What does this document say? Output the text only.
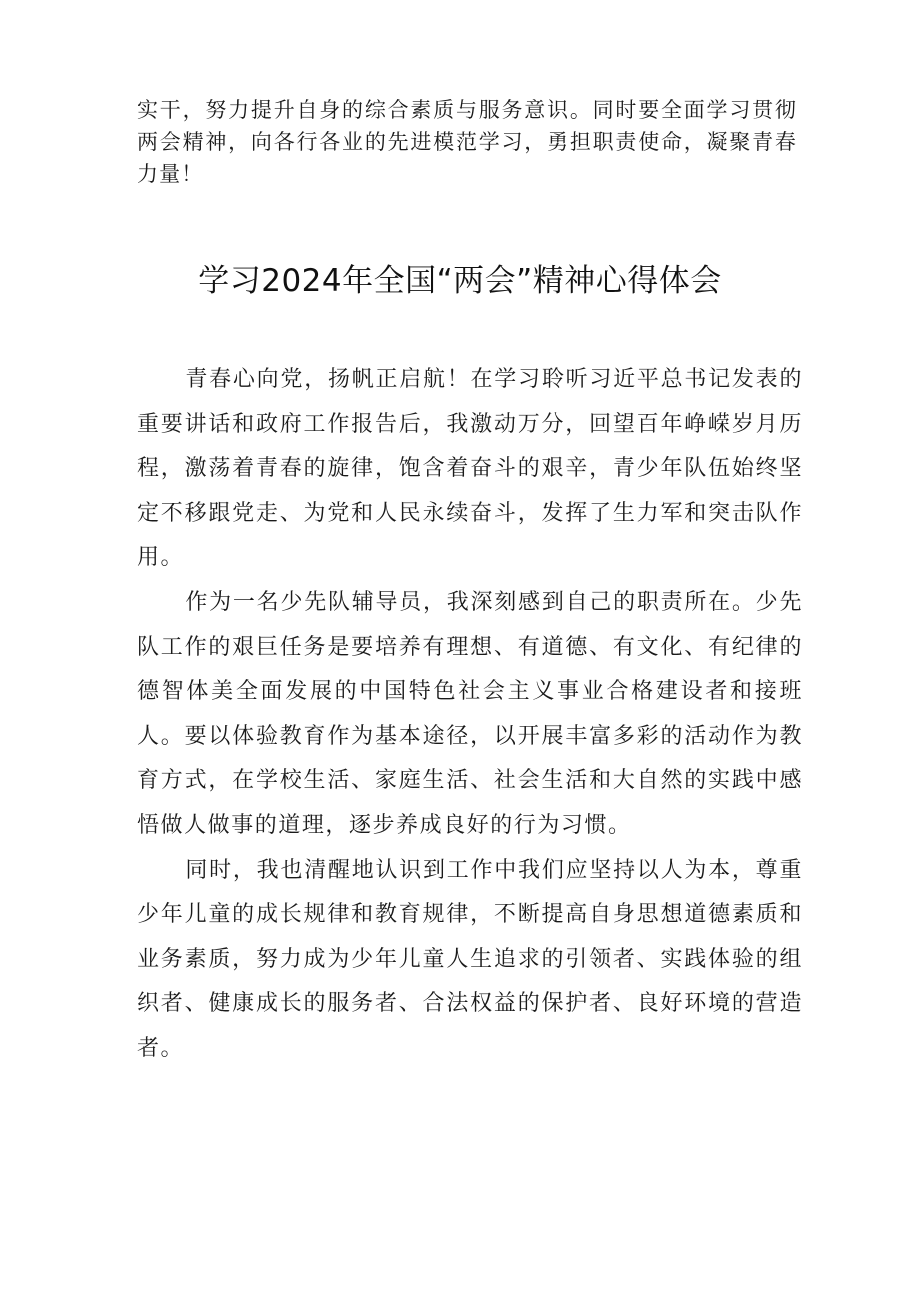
实干，努力提升自身的综合素质与服务意识。同时要全面学习贯彻两会精神，向各行各业的先进模范学习，勇担职责使命，凝聚青春力量！

学习2024年全国“两会”精神心得体会

青春心向党，扬帆正启航！在学习聆听习近平总书记发表的重要讲话和政府工作报告后，我激动万分，回望百年峥嵘岁月历程，激荡着青春的旋律，饱含着奋斗的艰辛，青少年队伍始终坚定不移跟党走、为党和人民永续奋斗，发挥了生力军和突击队作用。

作为一名少先队辅导员，我深刻感到自己的职责所在。少先队工作的艰巨任务是要培养有理想、有道德、有文化、有纪律的德智体美全面发展的中国特色社会主义事业合格建设者和接班人。要以体验教育作为基本途径，以开展丰富多彩的活动作为教育方式，在学校生活、家庭生活、社会生活和大自然的实践中感悟做人做事的道理，逐步养成良好的行为习惯。

同时，我也清醒地认识到工作中我们应坚持以人为本，尊重少年儿童的成长规律和教育规律，不断提高自身思想道德素质和业务素质，努力成为少年儿童人生追求的引领者、实践体验的组织者、健康成长的服务者、合法权益的保护者、良好环境的营造者。
